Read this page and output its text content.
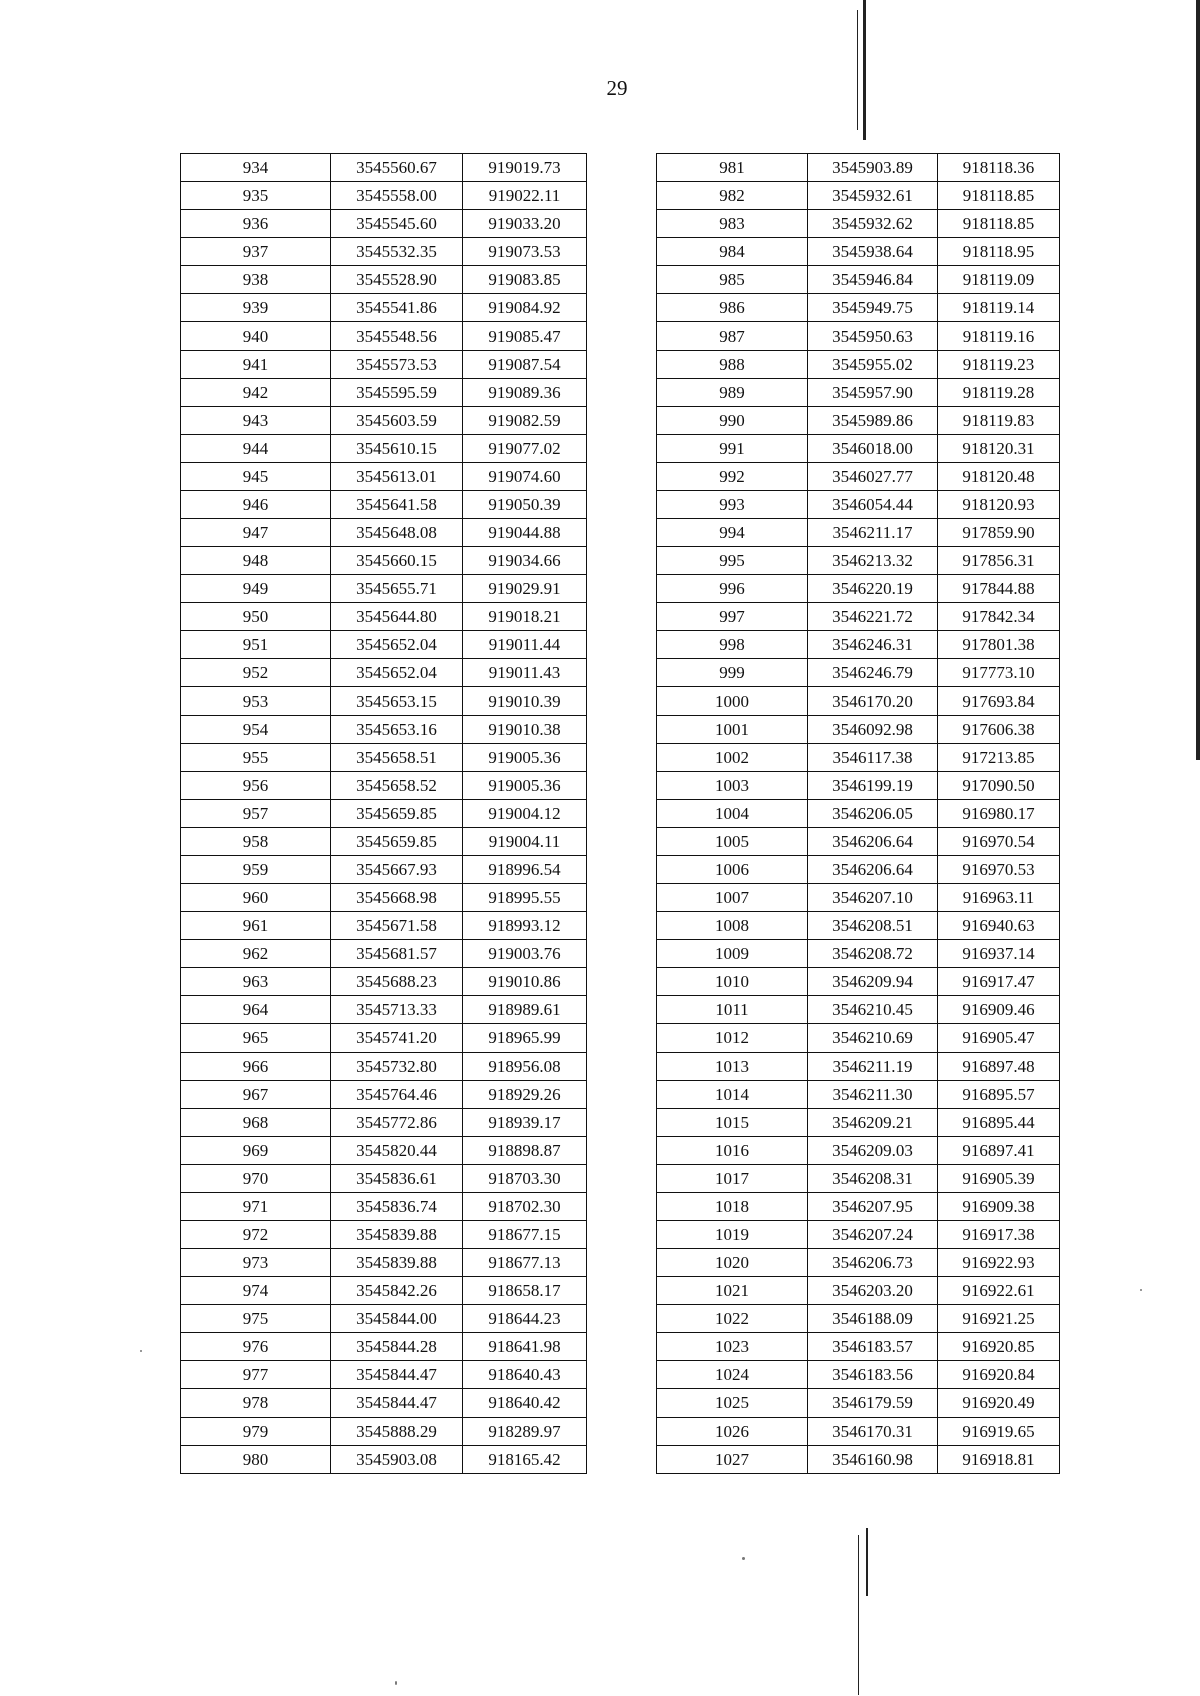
29
934	3545560.67	919019.73
935	3545558.00	919022.11
936	3545545.60	919033.20
937	3545532.35	919073.53
938	3545528.90	919083.85
939	3545541.86	919084.92
940	3545548.56	919085.47
941	3545573.53	919087.54
942	3545595.59	919089.36
943	3545603.59	919082.59
944	3545610.15	919077.02
945	3545613.01	919074.60
946	3545641.58	919050.39
947	3545648.08	919044.88
948	3545660.15	919034.66
949	3545655.71	919029.91
950	3545644.80	919018.21
951	3545652.04	919011.44
952	3545652.04	919011.43
953	3545653.15	919010.39
954	3545653.16	919010.38
955	3545658.51	919005.36
956	3545658.52	919005.36
957	3545659.85	919004.12
958	3545659.85	919004.11
959	3545667.93	918996.54
960	3545668.98	918995.55
961	3545671.58	918993.12
962	3545681.57	919003.76
963	3545688.23	919010.86
964	3545713.33	918989.61
965	3545741.20	918965.99
966	3545732.80	918956.08
967	3545764.46	918929.26
968	3545772.86	918939.17
969	3545820.44	918898.87
970	3545836.61	918703.30
971	3545836.74	918702.30
972	3545839.88	918677.15
973	3545839.88	918677.13
974	3545842.26	918658.17
975	3545844.00	918644.23
976	3545844.28	918641.98
977	3545844.47	918640.43
978	3545844.47	918640.42
979	3545888.29	918289.97
980	3545903.08	918165.42
981	3545903.89	918118.36
982	3545932.61	918118.85
983	3545932.62	918118.85
984	3545938.64	918118.95
985	3545946.84	918119.09
986	3545949.75	918119.14
987	3545950.63	918119.16
988	3545955.02	918119.23
989	3545957.90	918119.28
990	3545989.86	918119.83
991	3546018.00	918120.31
992	3546027.77	918120.48
993	3546054.44	918120.93
994	3546211.17	917859.90
995	3546213.32	917856.31
996	3546220.19	917844.88
997	3546221.72	917842.34
998	3546246.31	917801.38
999	3546246.79	917773.10
1000	3546170.20	917693.84
1001	3546092.98	917606.38
1002	3546117.38	917213.85
1003	3546199.19	917090.50
1004	3546206.05	916980.17
1005	3546206.64	916970.54
1006	3546206.64	916970.53
1007	3546207.10	916963.11
1008	3546208.51	916940.63
1009	3546208.72	916937.14
1010	3546209.94	916917.47
1011	3546210.45	916909.46
1012	3546210.69	916905.47
1013	3546211.19	916897.48
1014	3546211.30	916895.57
1015	3546209.21	916895.44
1016	3546209.03	916897.41
1017	3546208.31	916905.39
1018	3546207.95	916909.38
1019	3546207.24	916917.38
1020	3546206.73	916922.93
1021	3546203.20	916922.61
1022	3546188.09	916921.25
1023	3546183.57	916920.85
1024	3546183.56	916920.84
1025	3546179.59	916920.49
1026	3546170.31	916919.65
1027	3546160.98	916918.81
